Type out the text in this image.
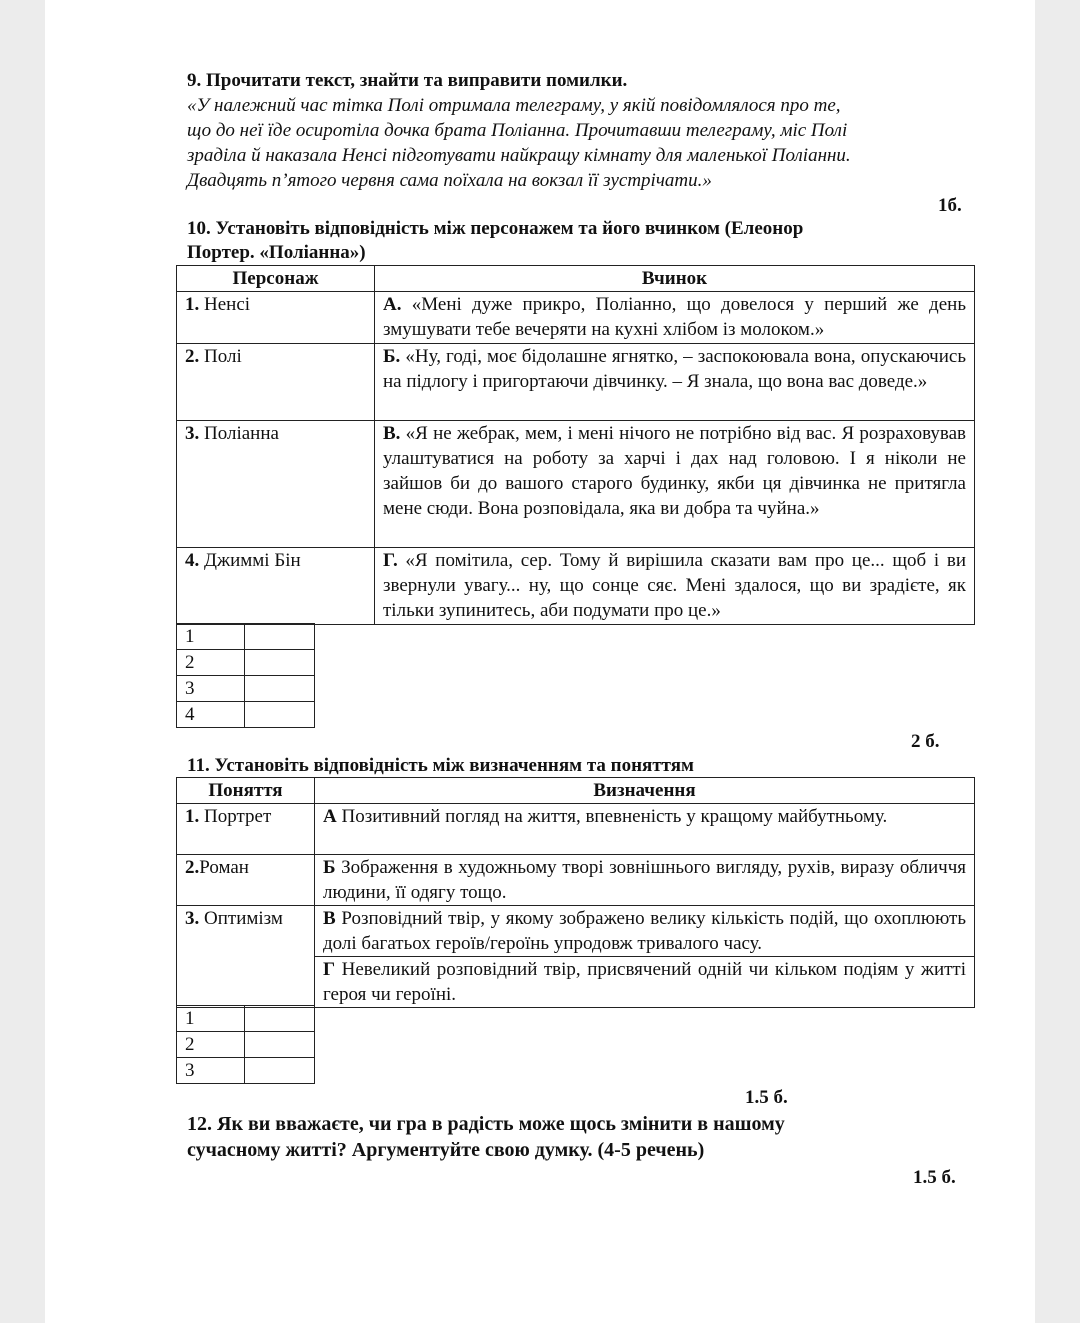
9. Прочитати текст, знайти та виправити помилки.
«У належний час тітка Полі отримала телеграму, у якій повідомлялося про те,
що до неї їде осиротіла дочка брата Поліанна. Прочитавши телеграму, міс Полі
зраділа й наказала Ненсі підготувати найкращу кімнату для маленької Поліанни.
Двадцять п’ятого червня сама поїхала на вокзал її зустрічати.»
1б.
10. Установіть відповідність між персонажем та його вчинком (Елеонор
Портер. «Поліанна»)
Персонаж	Вчинок
1. Ненсі	А. «Мені дуже прикро, Поліанно, що довелося у перший же день змушувати тебе вечеряти на кухні хлібом із молоком.»
2. Полі	Б. «Ну, годі, моє бідолашне ягнятко, – заспокоювала вона, опускаючись на підлогу і пригортаючи дівчинку. – Я знала, що вона вас доведе.»
3. Поліанна	В. «Я не жебрак, мем, і мені нічого не потрібно від вас. Я розраховував улаштуватися на роботу за харчі і дах над головою. І я ніколи не зайшов би до вашого старого будинку, якби ця дівчинка не притягла мене сюди. Вона розповідала, яка ви добра та чуйна.»
4. Джиммі Бін	Г. «Я помітила, сер. Тому й вирішила сказати вам про це... щоб і ви звернули увагу... ну, що сонце сяє. Мені здалося, що ви зрадієте, як тільки зупинитесь, аби подумати про це.»
1	
2	
3	
4	
2 б.
11. Установіть відповідність між визначенням та поняттям
Поняття	Визначення
1. Портрет	А Позитивний погляд на життя, впевненість у кращому майбутньому.
2.Роман	Б Зображення в художньому творі зовнішнього вигляду, рухів, виразу обличчя людини, її одягу тощо.
3. Оптимізм	В Розповідний твір, у якому зображено велику кількість подій, що охоплюють долі багатьох героїв/героїнь упродовж тривалого часу.
	Г Невеликий розповідний твір, присвячений одній чи кільком подіям у житті героя чи героїні.
1	
2	
3	
1.5 б.
12. Як ви вважаєте, чи гра в радість може щось змінити в нашому
сучасному житті? Аргументуйте свою думку. (4-5 речень)
1.5 б.
